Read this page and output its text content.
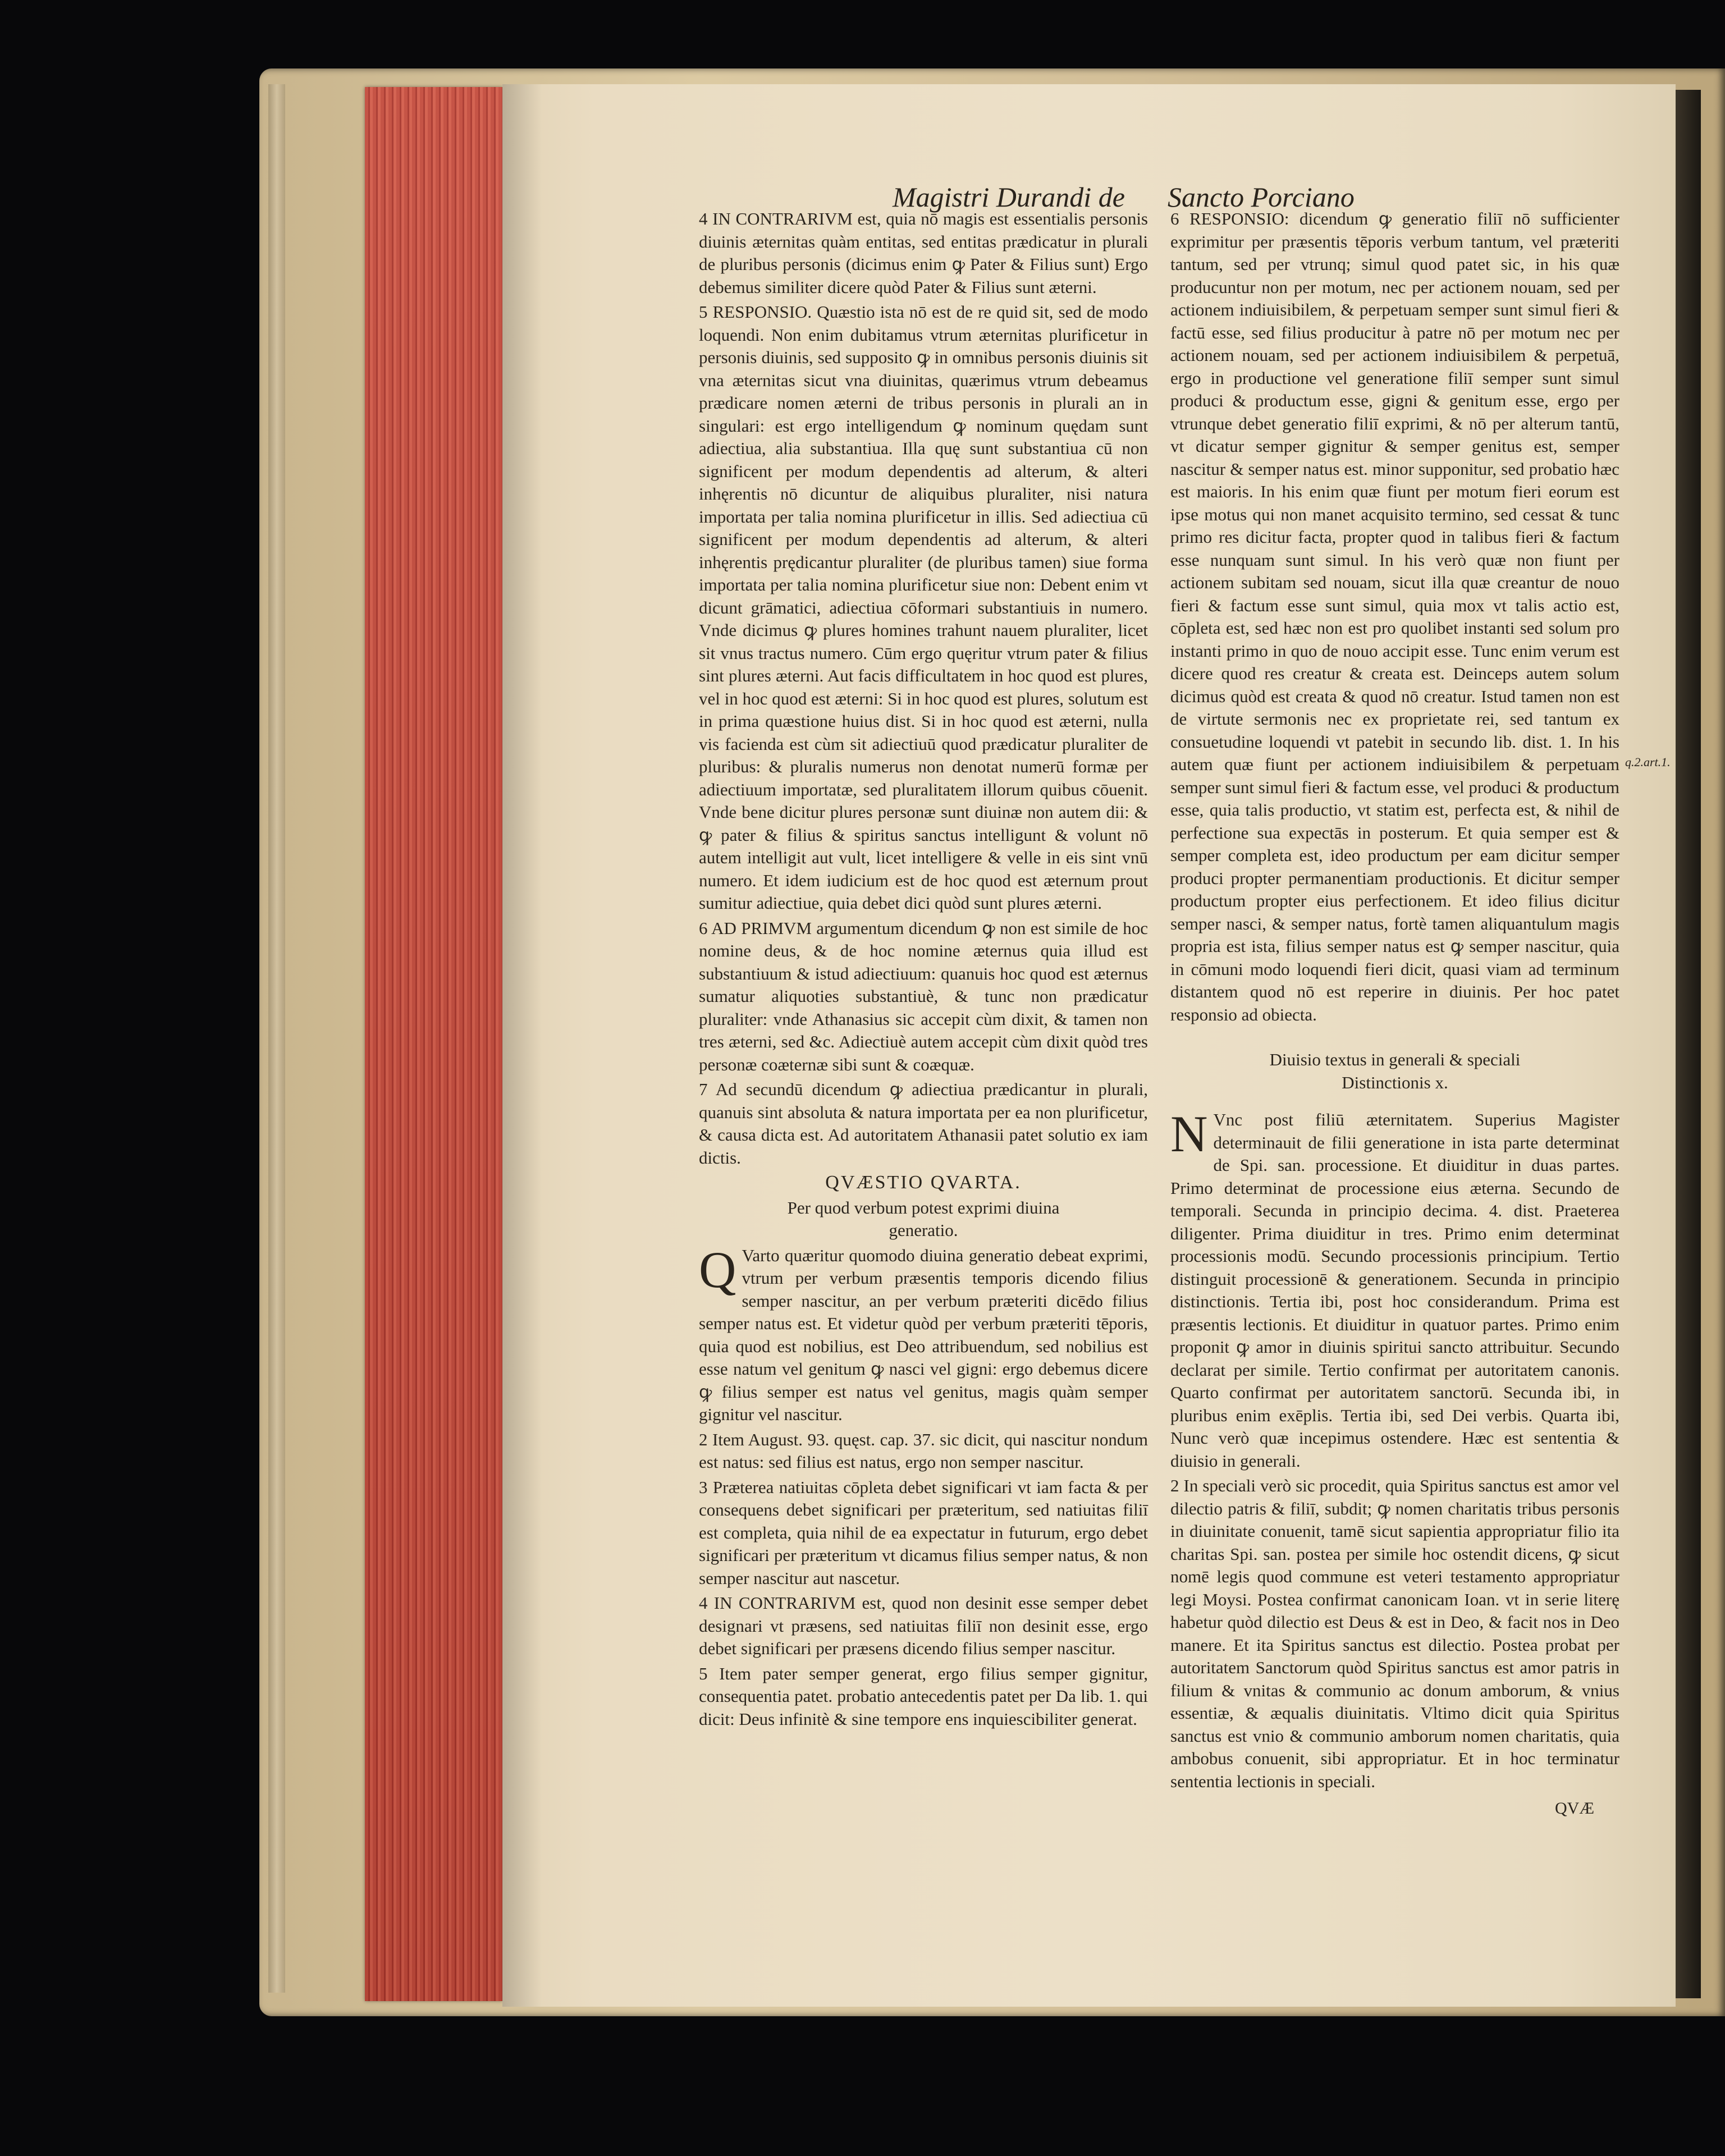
Magistri Durandi de Sancto Porciano

4 IN CONTRARIVM est, quia nō magis est essentialis personis diuinis æternitas quàm entitas, sed entitas prædicatur in plurali de pluribus personis (dicimus enim ꝙ Pater & Filius sunt) Ergo debemus similiter dicere quòd Pater & Filius sunt æterni.

5 RESPONSIO. Quæstio ista nō est de re quid sit, sed de modo loquendi. Non enim dubitamus vtrum æternitas plurificetur in personis diuinis, sed supposito ꝙ in omnibus personis diuinis sit vna æternitas sicut vna diuinitas, quærimus vtrum debeamus prædicare nomen æterni de tribus personis in plurali an in singulari: est ergo intelligendum ꝙ nominum quędam sunt adiectiua, alia substantiua. Illa quę sunt substantiua cū non significent per modum dependentis ad alterum, & alteri inhęrentis nō dicuntur de aliquibus pluraliter, nisi natura importata per talia nomina plurificetur in illis. Sed adiectiua cū significent per modum dependentis ad alterum, & alteri inhęrentis prędicantur pluraliter (de pluribus tamen) siue forma importata per talia nomina plurificetur siue non: Debent enim vt dicunt grāmatici, adiectiua cōformari substantiuis in numero. Vnde dicimus ꝙ plures homines trahunt nauem pluraliter, licet sit vnus tractus numero. Cūm ergo quęritur vtrum pater & filius sint plures æterni. Aut facis difficultatem in hoc quod est plures, vel in hoc quod est æterni: Si in hoc quod est plures, solutum est in prima quæstione huius dist. Si in hoc quod est æterni, nulla vis facienda est cùm sit adiectiuū quod prædicatur pluraliter de pluribus: & pluralis numerus non denotat numerū formæ per adiectiuum importatæ, sed pluralitatem illorum quibus cōuenit. Vnde bene dicitur plures personæ sunt diuinæ non autem dii: & ꝙ pater & filius & spiritus sanctus intelligunt & volunt nō autem intelligit aut vult, licet intelligere & velle in eis sint vnū numero. Et idem iudicium est de hoc quod est æternum prout sumitur adiectiue, quia debet dici quòd sunt plures æterni.

6 AD PRIMVM argumentum dicendum ꝙ non est simile de hoc nomine deus, & de hoc nomine æternus quia illud est substantiuum & istud adiectiuum: quanuis hoc quod est æternus sumatur aliquoties substantiuè, & tunc non prædicatur pluraliter: vnde Athanasius sic accepit cùm dixit, & tamen non tres æterni, sed &c. Adiectiuè autem accepit cùm dixit quòd tres personæ coæternæ sibi sunt & coæquæ.

7 Ad secundū dicendum ꝙ adiectiua prædicantur in plurali, quanuis sint absoluta & natura importata per ea non plurificetur, & causa dicta est. Ad autoritatem Athanasii patet solutio ex iam dictis.

QVÆSTIO QVARTA.

Per quod verbum potest exprimi diuina

generatio.

Q Varto quæritur quomodo diuina generatio debeat exprimi, vtrum per verbum præsentis temporis dicendo filius semper nascitur, an per verbum præteriti dicēdo filius semper natus est. Et videtur quòd per verbum præteriti tēporis, quia quod est nobilius, est Deo attribuendum, sed nobilius est esse natum vel genitum ꝙ nasci vel gigni: ergo debemus dicere ꝙ filius semper est natus vel genitus, magis quàm semper gignitur vel nascitur.

2 Item August. 93. quęst. cap. 37. sic dicit, qui nascitur nondum est natus: sed filius est natus, ergo non semper nascitur.

3 Præterea natiuitas cōpleta debet significari vt iam facta & per consequens debet significari per præteritum, sed natiuitas filiī est completa, quia nihil de ea expectatur in futurum, ergo debet significari per præteritum vt dicamus filius semper natus, & non semper nascitur aut nascetur.

4 IN CONTRARIVM est, quod non desinit esse semper debet designari vt præsens, sed natiuitas filiī non desinit esse, ergo debet significari per præsens dicendo filius semper nascitur.

5 Item pater semper generat, ergo filius semper gignitur, consequentia patet. probatio antecedentis patet per Da lib. 1. qui dicit: Deus infinitè & sine tempore ens inquiescibiliter generat.

6 RESPONSIO: dicendum ꝙ generatio filiī nō sufficienter exprimitur per præsentis tēporis verbum tantum, vel præteriti tantum, sed per vtrunq; simul quod patet sic, in his quæ producuntur non per motum, nec per actionem nouam, sed per actionem indiuisibilem, & perpetuam semper sunt simul fieri & factū esse, sed filius producitur à patre nō per motum nec per actionem nouam, sed per actionem indiuisibilem & perpetuā, ergo in productione vel generatione filiī semper sunt simul produci & productum esse, gigni & genitum esse, ergo per vtrunque debet generatio filiī exprimi, & nō per alterum tantū, vt dicatur semper gignitur & semper genitus est, semper nascitur & semper natus est. minor supponitur, sed probatio hæc est maioris. In his enim quæ fiunt per motum fieri eorum est ipse motus qui non manet acquisito termino, sed cessat & tunc primo res dicitur facta, propter quod in talibus fieri & factum esse nunquam sunt simul. In his verò quæ non fiunt per actionem subitam sed nouam, sicut illa quæ creantur de nouo fieri & factum esse sunt simul, quia mox vt talis actio est, cōpleta est, sed hæc non est pro quolibet instanti sed solum pro instanti primo in quo de nouo accipit esse. Tunc enim verum est dicere quod res creatur & creata est. Deinceps autem solum dicimus quòd est creata & quod nō creatur. Istud tamen non est de virtute sermonis nec ex proprietate rei, sed tantum ex consuetudine loquendi vt patebit in secundo lib. dist. 1. In his autem quæ fiunt per actionem indiuisibilem & perpetuam semper sunt simul fieri & factum esse, vel produci & productum esse, quia talis productio, vt statim est, perfecta est, & nihil de perfectione sua expectās in posterum. Et quia semper est & semper completa est, ideo productum per eam dicitur semper produci propter permanentiam productionis. Et dicitur semper productum propter eius perfectionem. Et ideo filius dicitur semper nasci, & semper natus, fortè tamen aliquantulum magis propria est ista, filius semper natus est ꝙ semper nascitur, quia in cōmuni modo loquendi fieri dicit, quasi viam ad terminum distantem quod nō est reperire in diuinis. Per hoc patet responsio ad obiecta.

Diuisio textus in generali & speciali

Distinctionis x.

N Vnc post filiū æternitatem. Superius Magister determinauit de filii generatione in ista parte determinat de Spi. san. processione. Et diuiditur in duas partes. Primo determinat de processione eius æterna. Secundo de temporali. Secunda in principio decima. 4. dist. Praeterea diligenter. Prima diuiditur in tres. Primo enim determinat processionis modū. Secundo processionis principium. Tertio distinguit processionē & generationem. Secunda in principio distinctionis. Tertia ibi, post hoc considerandum. Prima est præsentis lectionis. Et diuiditur in quatuor partes. Primo enim proponit ꝙ amor in diuinis spiritui sancto attribuitur. Secundo declarat per simile. Tertio confirmat per autoritatem canonis. Quarto confirmat per autoritatem sanctorū. Secunda ibi, in pluribus enim exēplis. Tertia ibi, sed Dei verbis. Quarta ibi, Nunc verò quæ incepimus ostendere. Hæc est sententia & diuisio in generali.

2 In speciali verò sic procedit, quia Spiritus sanctus est amor vel dilectio patris & filiī, subdit; ꝙ nomen charitatis tribus personis in diuinitate conuenit, tamē sicut sapientia appropriatur filio ita charitas Spi. san. postea per simile hoc ostendit dicens, ꝙ sicut nomē legis quod commune est veteri testamento appropriatur legi Moysi. Postea confirmat canonicam Ioan. vt in serie literę habetur quòd dilectio est Deus & est in Deo, & facit nos in Deo manere. Et ita Spiritus sanctus est dilectio. Postea probat per autoritatem Sanctorum quòd Spiritus sanctus est amor patris in filium & vnitas & communio ac donum amborum, & vnius essentiæ, & æqualis diuinitatis. Vltimo dicit quia Spiritus sanctus est vnio & communio amborum nomen charitatis, quia ambobus conuenit, sibi appropriatur. Et in hoc terminatur sententia lectionis in speciali.

q.2.art.1.
QVÆ
